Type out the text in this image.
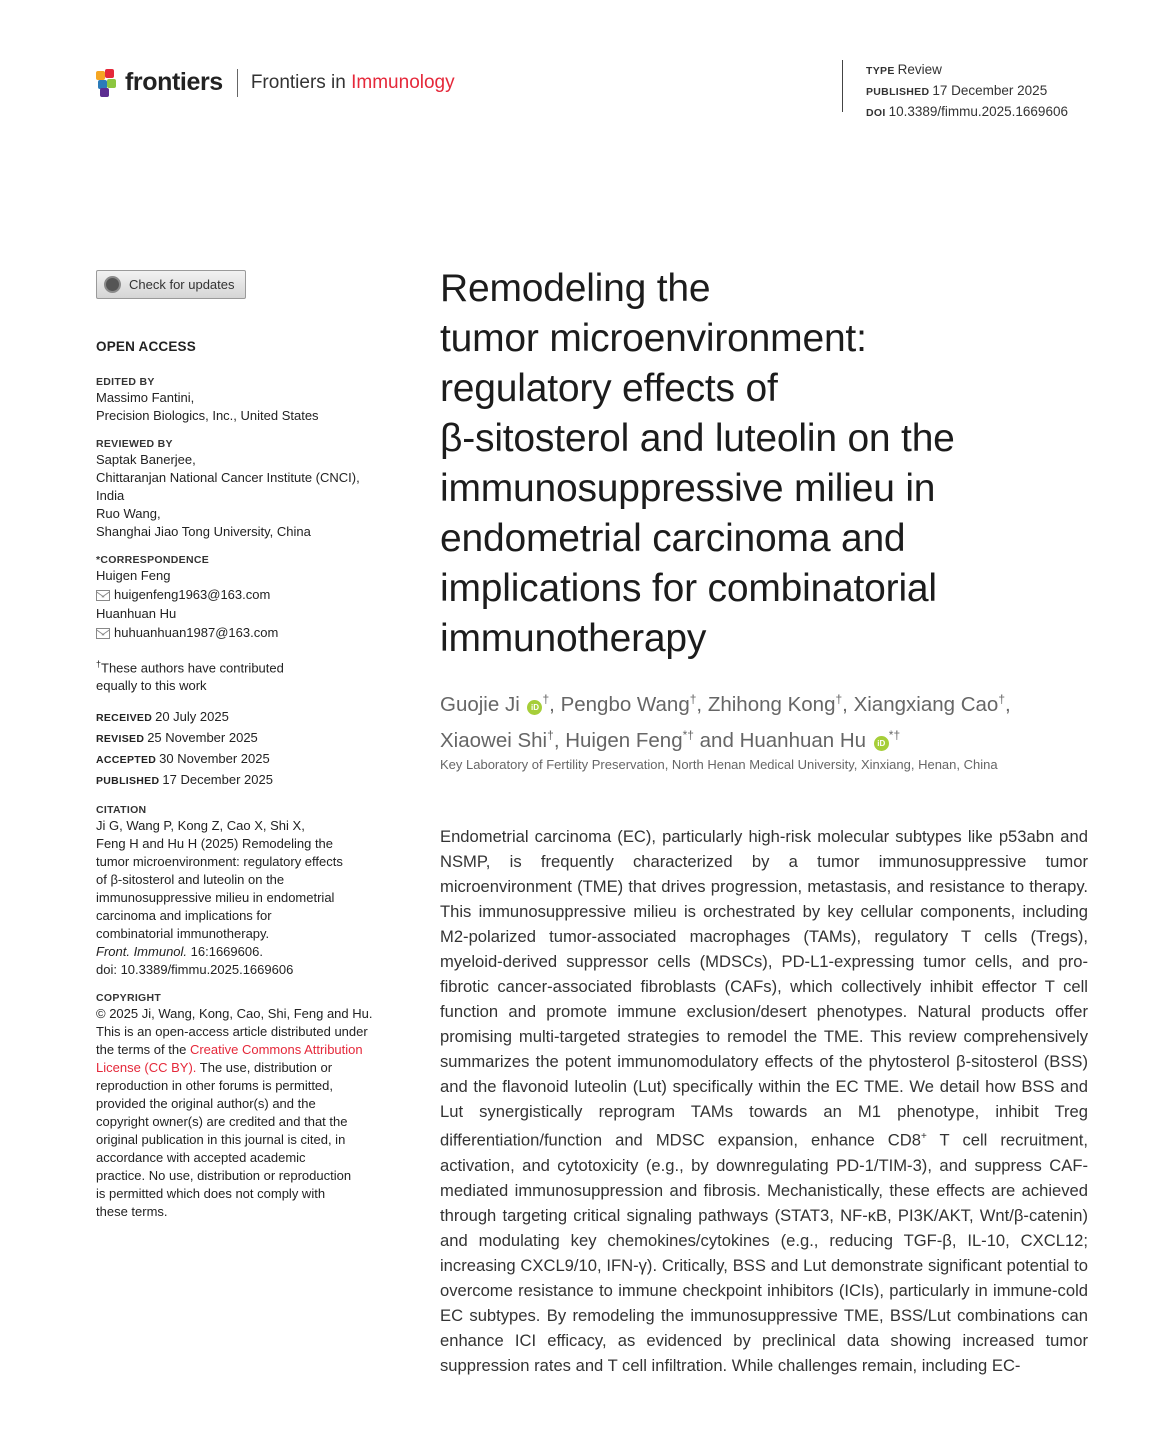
frontiers Frontiers in Immunology
TYPE Review
PUBLISHED 17 December 2025
DOI 10.3389/fimmu.2025.1669606
Check for updates
OPEN ACCESS
EDITED BY
Massimo Fantini,
Precision Biologics, Inc., United States
REVIEWED BY
Saptak Banerjee,
Chittaranjan National Cancer Institute (CNCI),
India
Ruo Wang,
Shanghai Jiao Tong University, China
*CORRESPONDENCE
Huigen Feng
huigenfeng1963@163.com
Huanhuan Hu
huhuanhuan1987@163.com
†These authors have contributed
equally to this work
RECEIVED 20 July 2025
REVISED 25 November 2025
ACCEPTED 30 November 2025
PUBLISHED 17 December 2025
CITATION
Ji G, Wang P, Kong Z, Cao X, Shi X,
Feng H and Hu H (2025) Remodeling the
tumor microenvironment: regulatory effects
of β-sitosterol and luteolin on the
immunosuppressive milieu in endometrial
carcinoma and implications for
combinatorial immunotherapy.
Front. Immunol. 16:1669606.
doi: 10.3389/fimmu.2025.1669606
COPYRIGHT
© 2025 Ji, Wang, Kong, Cao, Shi, Feng and Hu.
This is an open-access article distributed under
the terms of the Creative Commons Attribution
License (CC BY). The use, distribution or
reproduction in other forums is permitted,
provided the original author(s) and the
copyright owner(s) are credited and that the
original publication in this journal is cited, in
accordance with accepted academic
practice. No use, distribution or reproduction
is permitted which does not comply with
these terms.
Remodeling the
tumor microenvironment:
regulatory effects of
β-sitosterol and luteolin on the
immunosuppressive milieu in
endometrial carcinoma and
implications for combinatorial
immunotherapy
Guojie Ji iD†, Pengbo Wang†, Zhihong Kong†, Xiangxiang Cao†,
Xiaowei Shi†, Huigen Feng*† and Huanhuan Hu iD*†
Key Laboratory of Fertility Preservation, North Henan Medical University, Xinxiang, Henan, China
Endometrial carcinoma (EC), particularly high-risk molecular subtypes like p53abn and NSMP, is frequently characterized by a tumor immunosuppressive tumor microenvironment (TME) that drives progression, metastasis, and resistance to therapy. This immunosuppressive milieu is orchestrated by key cellular components, including M2-polarized tumor-associated macrophages (TAMs), regulatory T cells (Tregs), myeloid-derived suppressor cells (MDSCs), PD-L1-expressing tumor cells, and pro-fibrotic cancer-associated fibroblasts (CAFs), which collectively inhibit effector T cell function and promote immune exclusion/desert phenotypes. Natural products offer promising multi-targeted strategies to remodel the TME. This review comprehensively summarizes the potent immunomodulatory effects of the phytosterol β-sitosterol (BSS) and the flavonoid luteolin (Lut) specifically within the EC TME. We detail how BSS and Lut synergistically reprogram TAMs towards an M1 phenotype, inhibit Treg differentiation/function and MDSC expansion, enhance CD8+ T cell recruitment, activation, and cytotoxicity (e.g., by downregulating PD-1/TIM-3), and suppress CAF-mediated immunosuppression and fibrosis. Mechanistically, these effects are achieved through targeting critical signaling pathways (STAT3, NF-κB, PI3K/AKT, Wnt/β-catenin) and modulating key chemokines/cytokines (e.g., reducing TGF-β, IL-10, CXCL12; increasing CXCL9/10, IFN-γ). Critically, BSS and Lut demonstrate significant potential to overcome resistance to immune checkpoint inhibitors (ICIs), particularly in immune-cold EC subtypes. By remodeling the immunosuppressive TME, BSS/Lut combinations can enhance ICI efficacy, as evidenced by preclinical data showing increased tumor suppression rates and T cell infiltration. While challenges remain, including EC-
